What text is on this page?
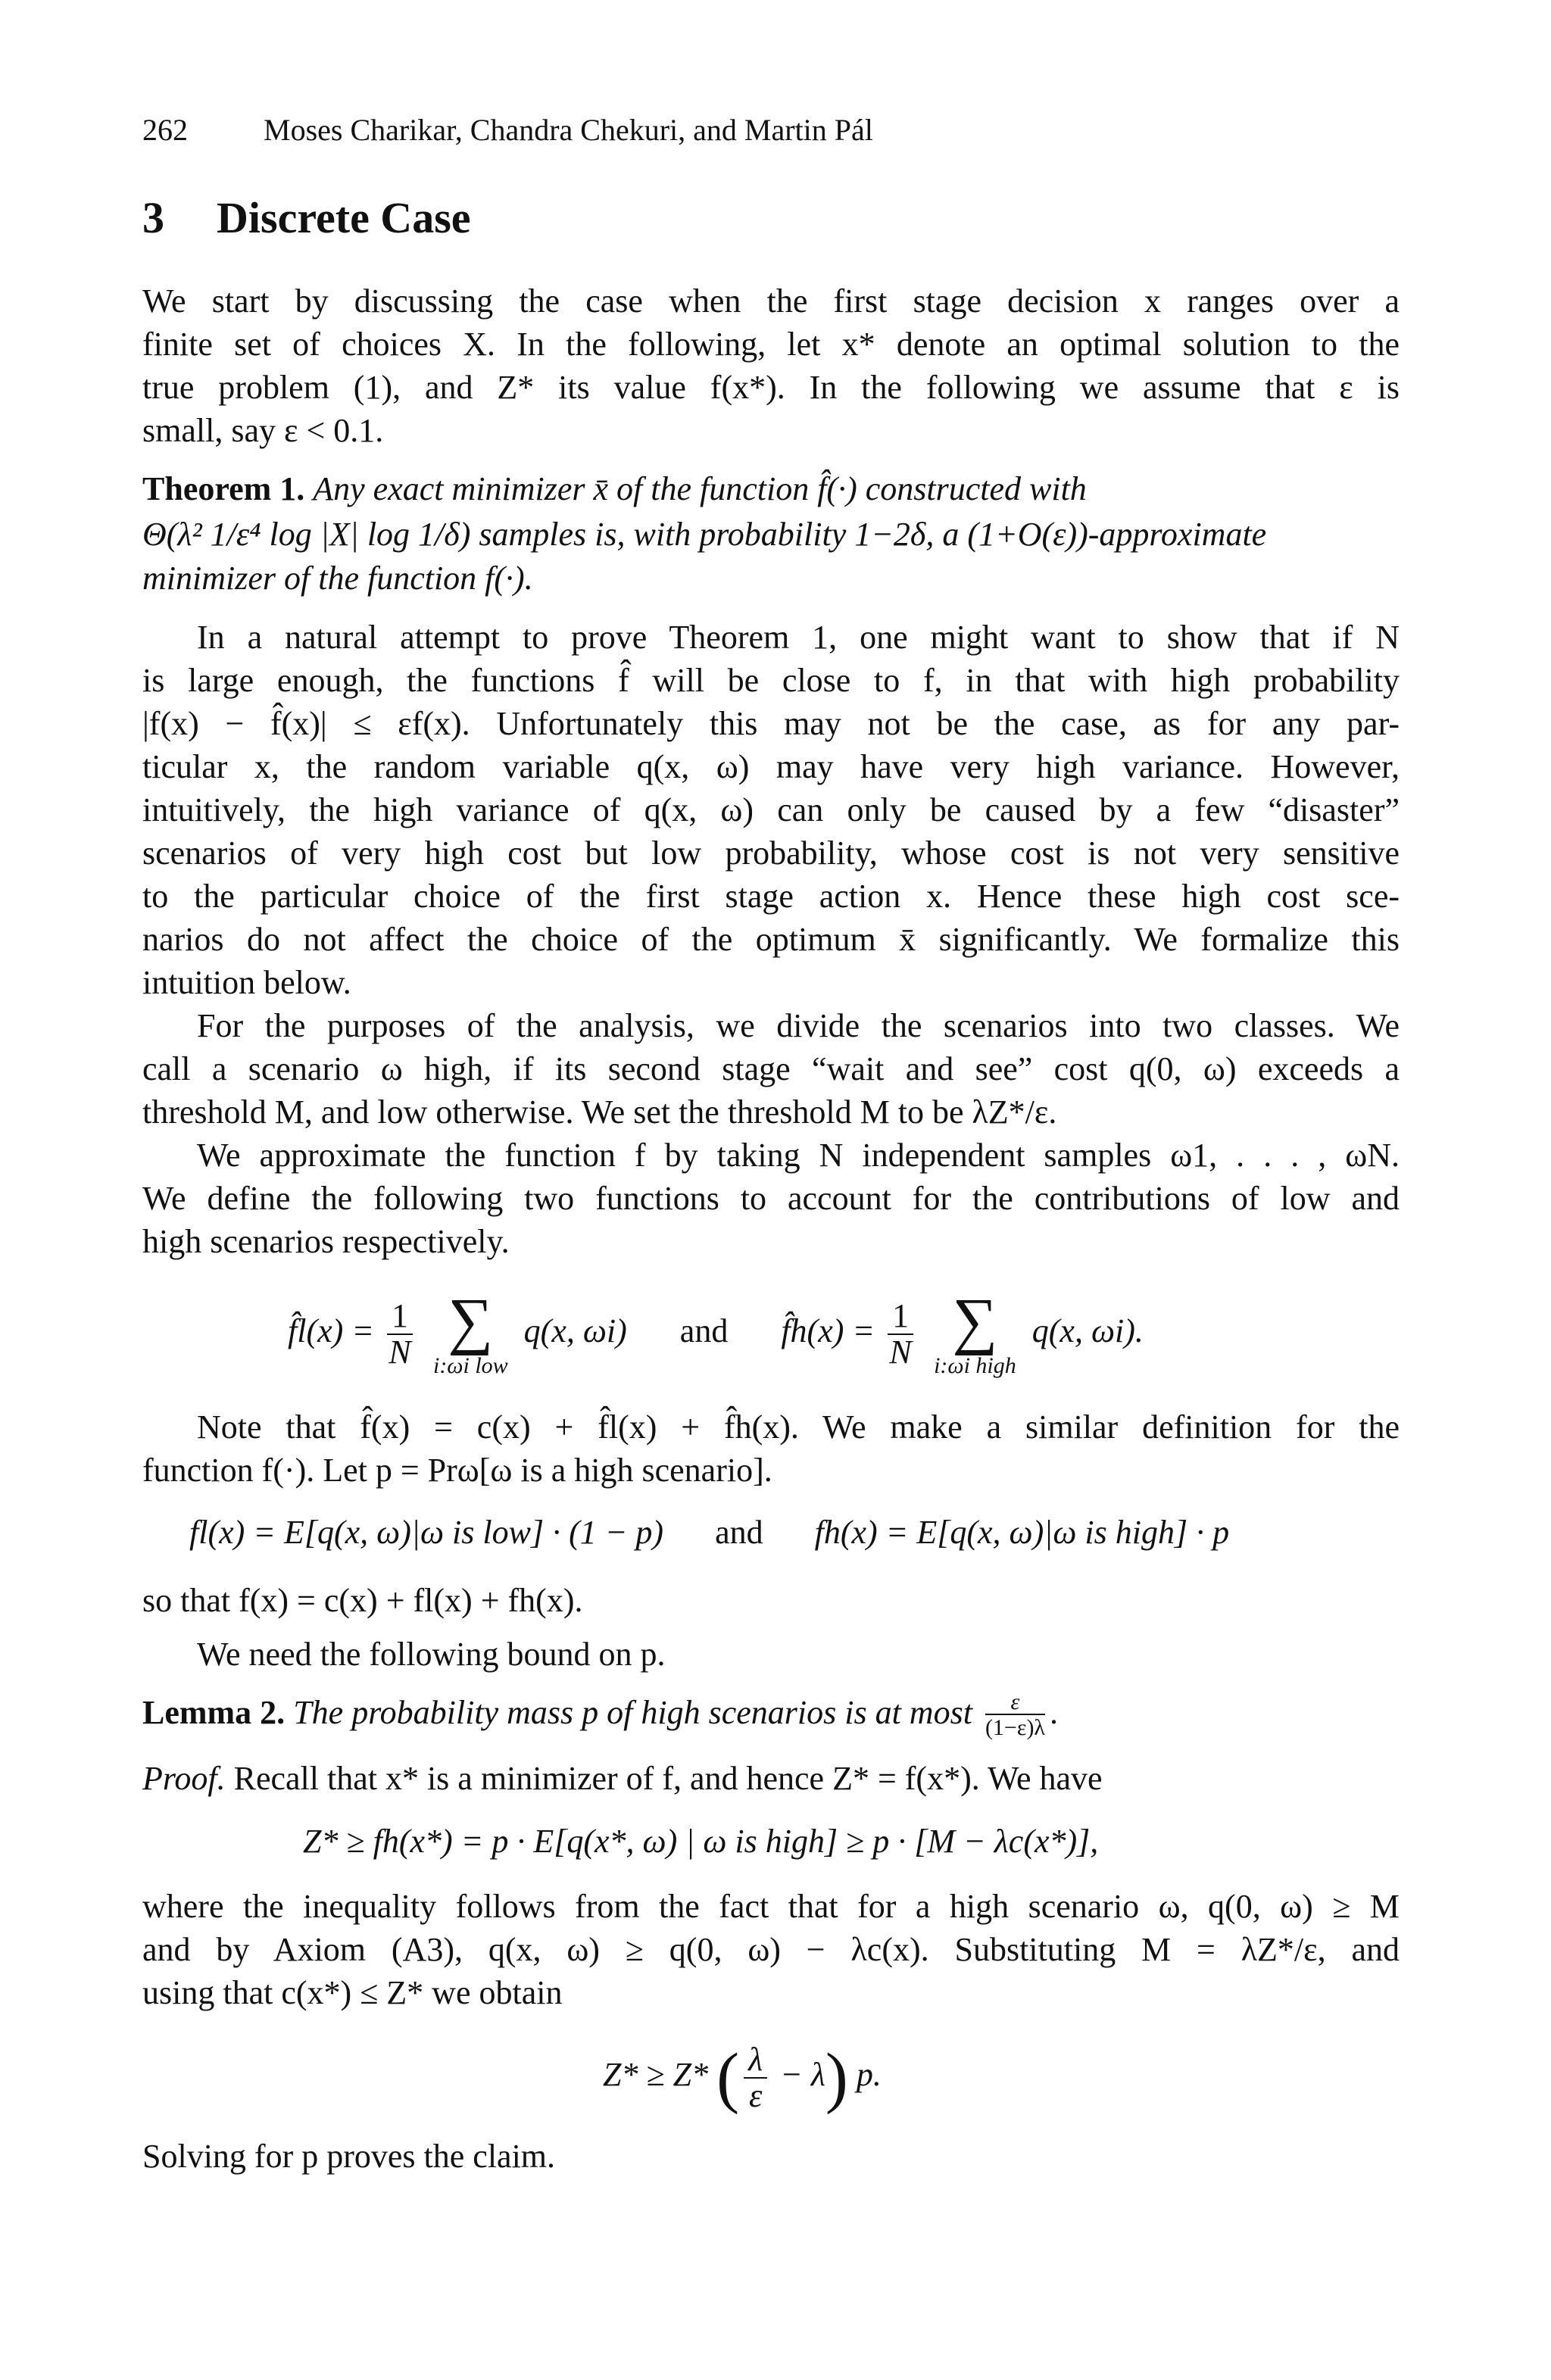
262	Moses Charikar, Chandra Chekuri, and Martin Pál
3 Discrete Case
We start by discussing the case when the first stage decision x ranges over a
finite set of choices X. In the following, let x* denote an optimal solution to the
true problem (1), and Z* its value f(x*). In the following we assume that ε is
small, say ε < 0.1.
Theorem 1. Any exact minimizer x̄ of the function f̂(·) constructed with
Θ(λ² 1/ε⁴ log |X| log 1/δ) samples is, with probability 1−2δ, a (1+O(ε))-approximate
minimizer of the function f(·).
In a natural attempt to prove Theorem 1, one might want to show that if N
is large enough, the functions f̂ will be close to f, in that with high probability
|f(x) − f̂(x)| ≤ εf(x). Unfortunately this may not be the case, as for any par-
ticular x, the random variable q(x, ω) may have very high variance. However,
intuitively, the high variance of q(x, ω) can only be caused by a few “disaster”
scenarios of very high cost but low probability, whose cost is not very sensitive
to the particular choice of the first stage action x. Hence these high cost sce-
narios do not affect the choice of the optimum x̄ significantly. We formalize this
intuition below.
For the purposes of the analysis, we divide the scenarios into two classes. We
call a scenario ω high, if its second stage “wait and see” cost q(0, ω) exceeds a
threshold M, and low otherwise. We set the threshold M to be λZ*/ε.
We approximate the function f by taking N independent samples ω1, . . . , ωN.
We define the following two functions to account for the contributions of low and
high scenarios respectively.
f̂l(x) = $\frac{1}{N}$
∑
i:ωi low
q(x, ωi) and f̂h(x) = $\frac{1}{N}$
∑
i:ωi high
q(x, ωi).
Note that f̂(x) = c(x) + f̂l(x) + f̂h(x). We make a similar definition for the
function f(·). Let p = Prω[ω is a high scenario].
fl(x) = E[q(x, ω)|ω is low] · (1 − p) and fh(x) = E[q(x, ω)|ω is high] · p
so that f(x) = c(x) + fl(x) + fh(x).
We need the following bound on p.
Lemma 2. The probability mass p of high scenarios is at most $\frac{\varepsilon}{(1-\varepsilon)\lambda}$ .
Proof. Recall that x* is a minimizer of f, and hence Z* = f(x*). We have
Z* ≥ fh(x*) = p · E[q(x*, ω) | ω is high] ≥ p · [M − λc(x*)],
where the inequality follows from the fact that for a high scenario ω, q(0, ω) ≥ M
and by Axiom (A3), q(x, ω) ≥ q(0, ω) − λc(x). Substituting M = λZ*/ε, and
using that c(x*) ≤ Z* we obtain
Z* ≥ Z* ( $\frac{\lambda}{\varepsilon} - \lambda$) p.
Solving for p proves the claim.
